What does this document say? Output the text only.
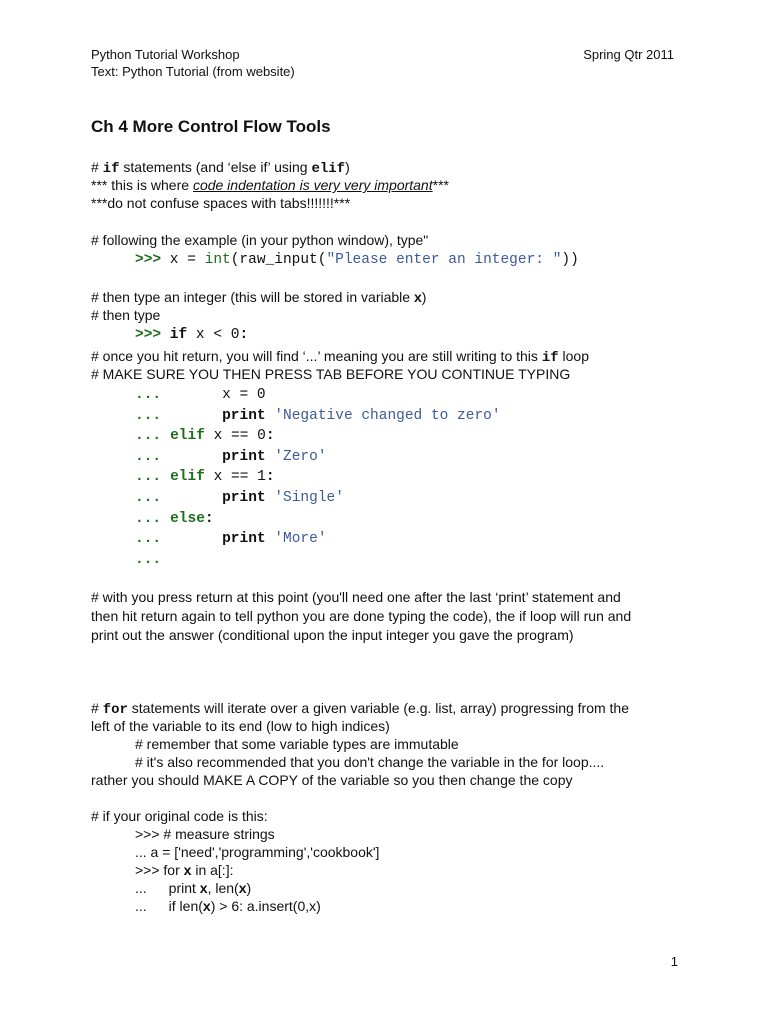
Python Tutorial Workshop
Text: Python Tutorial (from website)
Spring Qtr 2011
Ch 4 More Control Flow Tools
# if statements (and ‘else if’ using elif)
*** this is where code indentation is very very important***
***do not confuse spaces with tabs!!!!!!!***
# following the example (in your python window), type"
>>> x = int(raw_input("Please enter an integer: "))
# then type an integer (this will be stored in variable x)
# then type
>>> if x < 0:
# once you hit return, you will find ‘...’ meaning you are still writing to this if loop
# MAKE SURE YOU THEN PRESS TAB BEFORE YOU CONTINUE TYPING
...	x = 0
...	print 'Negative changed to zero'
... elif x == 0:
...	print 'Zero'
... elif x == 1:
...	print 'Single'
... else:
...	print 'More'
...
# with you press return at this point (you'll need one after the last ‘print’ statement and
then hit return again to tell python you are done typing the code), the if loop will run and
print out the answer (conditional upon the input integer you gave the program)
# for statements will iterate over a given variable (e.g. list, array) progressing from the
left of the variable to its end (low to high indices)
# remember that some variable types are immutable
# it's also recommended that you don't change the variable in the for loop....
rather you should MAKE A COPY of the variable so you then change the copy
# if your original code is this:
>>> # measure strings
... a = ['need','programming','cookbook']
>>> for x in a[:]:
... print x, len(x)
... if len(x) > 6: a.insert(0,x)
1
